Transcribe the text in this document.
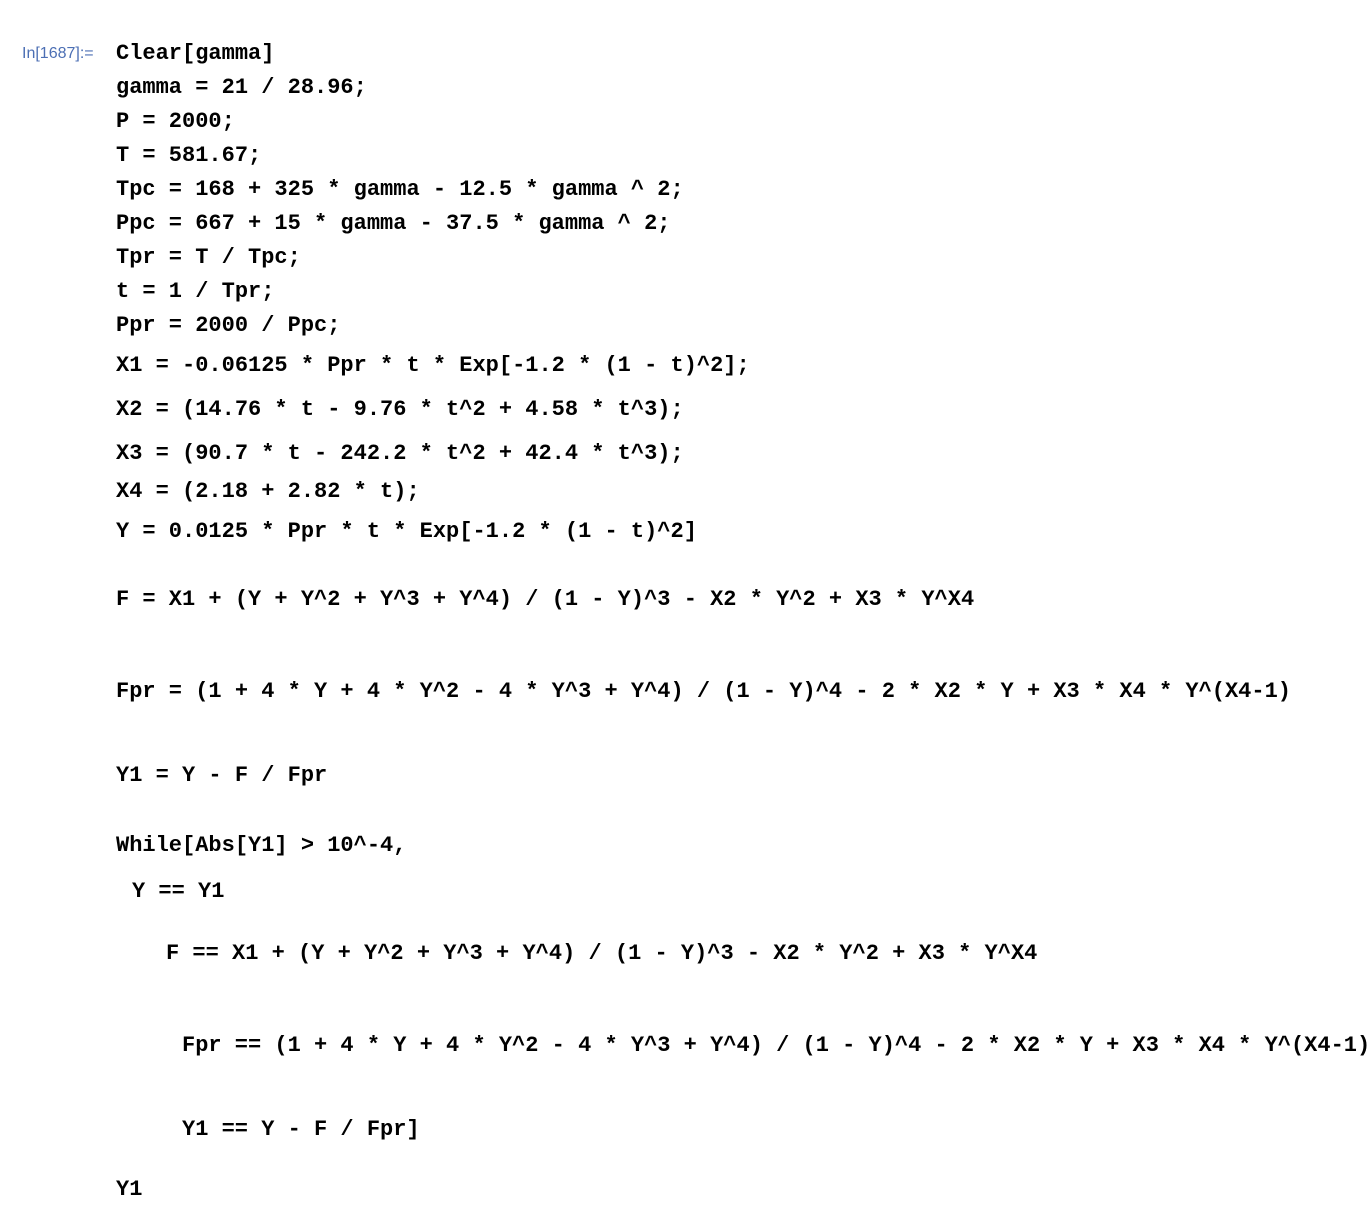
In[1687]:= Clear[gamma]
gamma = 21 / 28.96;
P = 2000;
T = 581.67;
Tpc = 168 + 325 * gamma - 12.5 * gamma ^ 2;
Ppc = 667 + 15 * gamma - 37.5 * gamma ^ 2;
Tpr = T / Tpc;
t = 1 / Tpr;
Ppr = 2000 / Ppc;
X1 = -0.06125 * Ppr * t * Exp[-1.2 * (1 - t)^2];
X2 = (14.76 * t - 9.76 * t^2 + 4.58 * t^3);
X3 = (90.7 * t - 242.2 * t^2 + 42.4 * t^3);
X4 = (2.18 + 2.82 * t);
Y = 0.0125 * Ppr * t * Exp[-1.2 * (1 - t)^2]
F = X1 + (Y + Y^2 + Y^3 + Y^4) / (1 - Y)^3 - X2 * Y^2 + X3 * Y^X4
Fpr = (1 + 4 * Y + 4 * Y^2 - 4 * Y^3 + Y^4) / (1 - Y)^4 - 2 * X2 * Y + X3 * X4 * Y^(X4-1)
Y1 = Y - F / Fpr
While[Abs[Y1] > 10^-4,
Y == Y1
F == X1 + (Y + Y^2 + Y^3 + Y^4) / (1 - Y)^3 - X2 * Y^2 + X3 * Y^X4
Fpr == (1 + 4 * Y + 4 * Y^2 - 4 * Y^3 + Y^4) / (1 - Y)^4 - 2 * X2 * Y + X3 * X4 * Y^(X4-1)
Y1 == Y - F / Fpr]
Y1
